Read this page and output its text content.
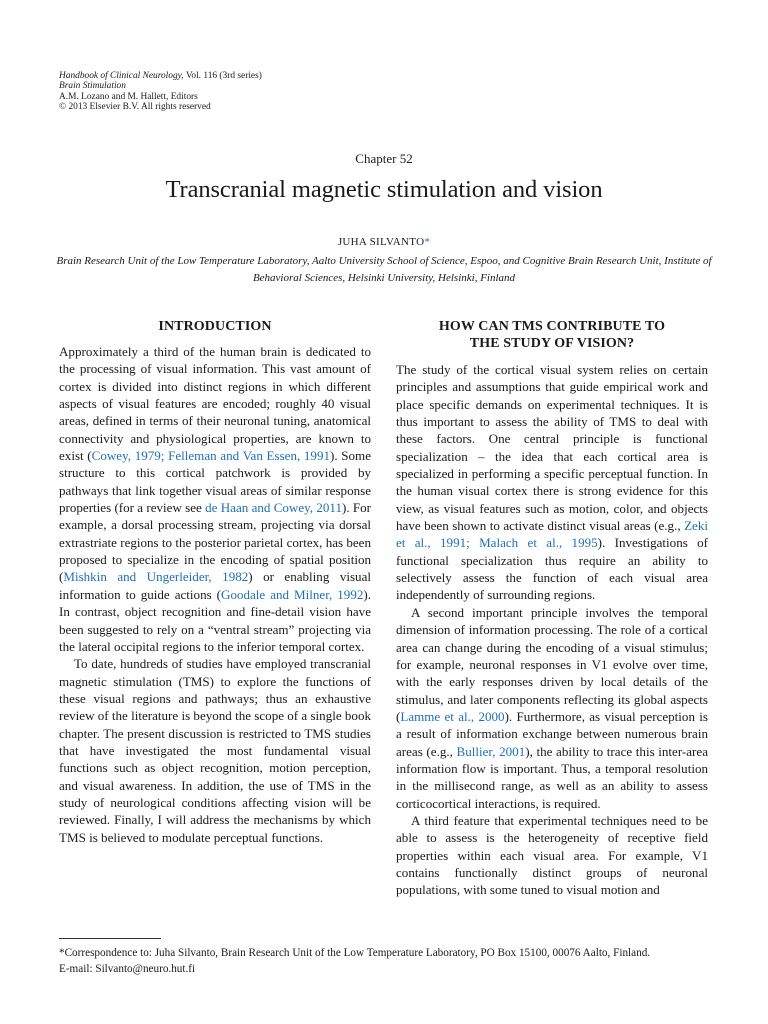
Handbook of Clinical Neurology, Vol. 116 (3rd series)
Brain Stimulation
A.M. Lozano and M. Hallett, Editors
© 2013 Elsevier B.V. All rights reserved
Chapter 52
Transcranial magnetic stimulation and vision
JUHA SILVANTO*
Brain Research Unit of the Low Temperature Laboratory, Aalto University School of Science, Espoo, and Cognitive Brain Research Unit, Institute of Behavioral Sciences, Helsinki University, Helsinki, Finland
INTRODUCTION

Approximately a third of the human brain is dedicated to the processing of visual information. This vast amount of cortex is divided into distinct regions in which different aspects of visual features are encoded; roughly 40 visual areas, defined in terms of their neuronal tuning, anatomical connectivity and physiological properties, are known to exist (Cowey, 1979; Felleman and Van Essen, 1991). Some structure to this cortical patchwork is provided by pathways that link together visual areas of similar response properties (for a review see de Haan and Cowey, 2011). For example, a dorsal processing stream, projecting via dorsal extrastriate regions to the posterior parietal cortex, has been proposed to specialize in the encoding of spatial position (Mishkin and Ungerleider, 1982) or enabling visual information to guide actions (Goodale and Milner, 1992). In contrast, object recognition and fine-detail vision have been suggested to rely on a “ventral stream” projecting via the lateral occipital regions to the inferior temporal cortex.

To date, hundreds of studies have employed transcranial magnetic stimulation (TMS) to explore the functions of these visual regions and pathways; thus an exhaustive review of the literature is beyond the scope of a single book chapter. The present discussion is restricted to TMS studies that have investigated the most fundamental visual functions such as object recognition, motion perception, and visual awareness. In addition, the use of TMS in the study of neurological conditions affecting vision will be reviewed. Finally, I will address the mechanisms by which TMS is believed to modulate perceptual functions.

HOW CAN TMS CONTRIBUTE TO
THE STUDY OF VISION?

The study of the cortical visual system relies on certain principles and assumptions that guide empirical work and place specific demands on experimental techniques. It is thus important to assess the ability of TMS to deal with these factors. One central principle is functional specialization – the idea that each cortical area is specialized in performing a specific perceptual function. In the human visual cortex there is strong evidence for this view, as visual features such as motion, color, and objects have been shown to activate distinct visual areas (e.g., Zeki et al., 1991; Malach et al., 1995). Investigations of functional specialization thus require an ability to selectively assess the function of each visual area independently of surrounding regions.

A second important principle involves the temporal dimension of information processing. The role of a cortical area can change during the encoding of a visual stimulus; for example, neuronal responses in V1 evolve over time, with the early responses driven by local details of the stimulus, and later components reflecting its global aspects (Lamme et al., 2000). Furthermore, as visual perception is a result of information exchange between numerous brain areas (e.g., Bullier, 2001), the ability to trace this inter-area information flow is important. Thus, a temporal resolution in the millisecond range, as well as an ability to assess corticocortical interactions, is required.

A third feature that experimental techniques need to be able to assess is the heterogeneity of receptive field properties within each visual area. For example, V1 contains functionally distinct groups of neuronal populations, with some tuned to visual motion and

*Correspondence to: Juha Silvanto, Brain Research Unit of the Low Temperature Laboratory, PO Box 15100, 00076 Aalto, Finland.
E-mail: Silvanto@neuro.hut.fi
